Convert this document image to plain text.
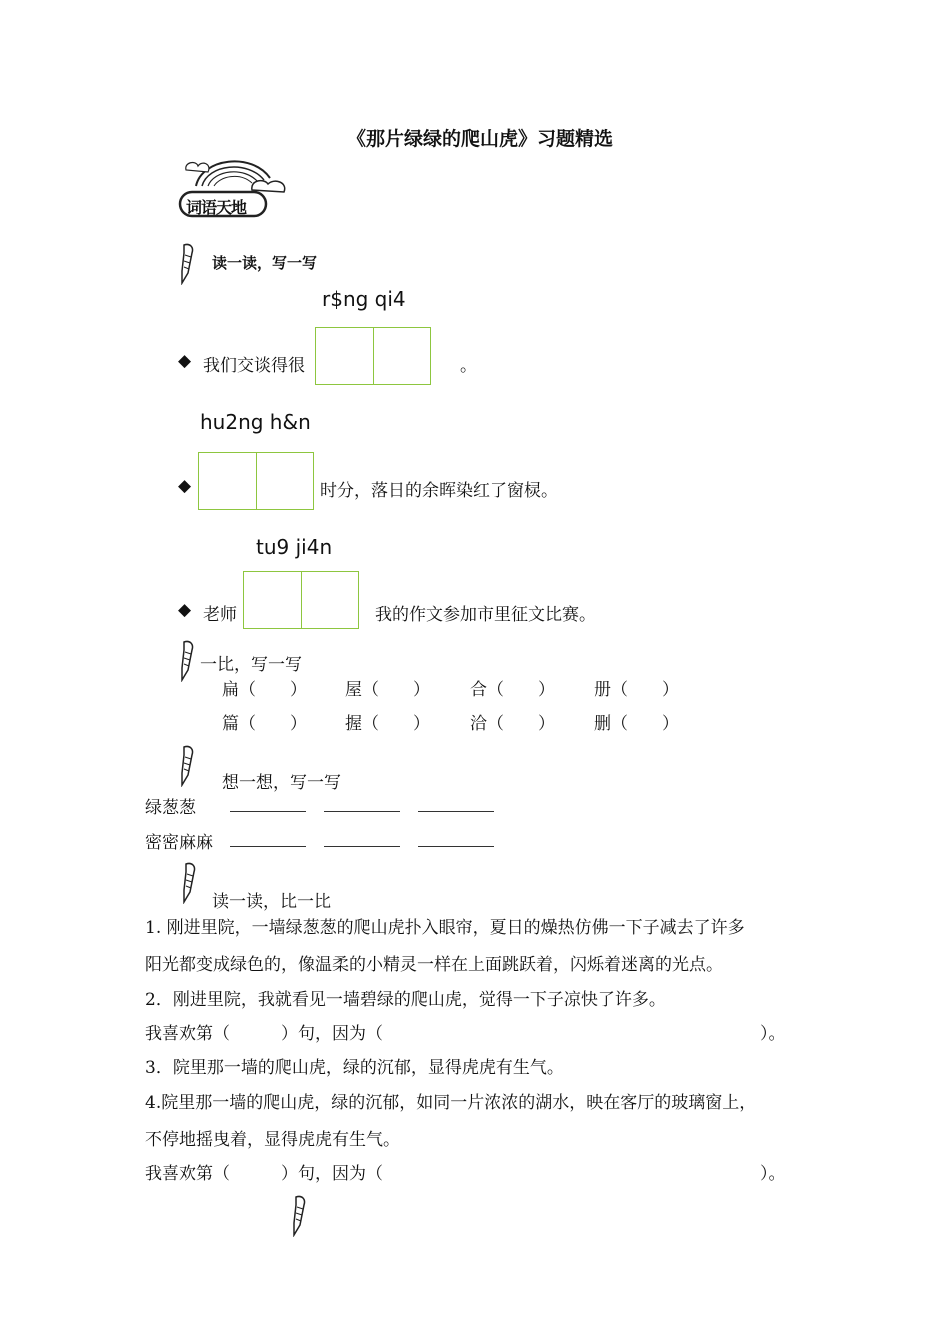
《那片绿绿的爬山虎》习题精选
词语天地
读一读，写一写
r$ng qi4
◆ 我们交谈得很	。
hu2ng h&n
◆	时分，落日的余晖染红了窗棂。
tu9 ji4n
◆ 老师	我的作文参加市里征文比赛。
一比，写一写
扁（　　） 屋（　　） 合（　　） 册（　　）
篇（　　） 握（　　） 洽（　　） 删（　　）
想一想，写一写
绿葱葱
密密麻麻
读一读，比一比
1. 刚进里院，一墙绿葱葱的爬山虎扑入眼帘，夏日的燥热仿佛一下子减去了许多
阳光都变成绿色的，像温柔的小精灵一样在上面跳跃着，闪烁着迷离的光点。
2．刚进里院，我就看见一墙碧绿的爬山虎，觉得一下子凉快了许多。
我喜欢第（　　　）句，因为（	）。
3．院里那一墙的爬山虎，绿的沉郁，显得虎虎有生气。
4.院里那一墙的爬山虎，绿的沉郁，如同一片浓浓的湖水，映在客厅的玻璃窗上，
不停地摇曳着，显得虎虎有生气。
我喜欢第（　　　）句，因为（	）。
